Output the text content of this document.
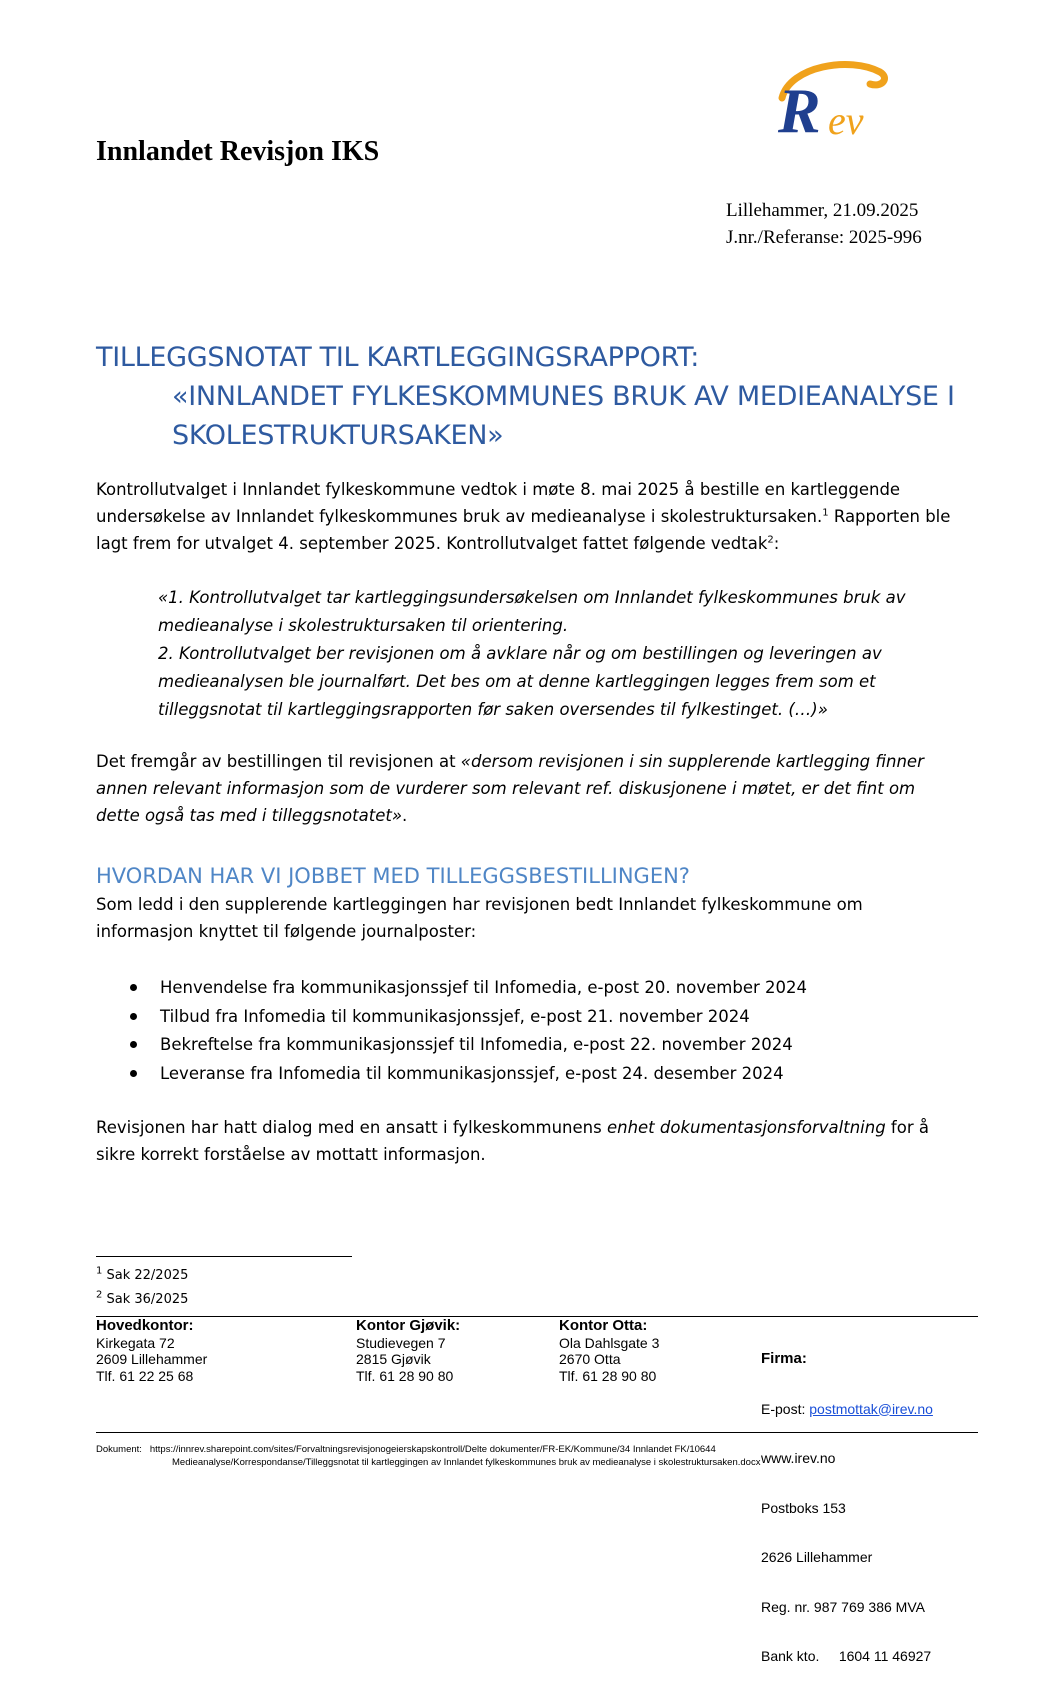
Innlandet Revisjon IKS
R ev
Lillehammer, 21.09.2025
J.nr./Referanse: 2025-996
TILLEGGSNOTAT TIL KARTLEGGINGSRAPPORT:
«INNLANDET FYLKESKOMMUNES BRUK AV MEDIEANALYSE I SKOLESTRUKTURSAKEN»
Kontrollutvalget i Innlandet fylkeskommune vedtok i møte 8. mai 2025 å bestille en kartleggende undersøkelse av Innlandet fylkeskommunes bruk av medieanalyse i skolestruktursaken.$^1$ Rapporten ble lagt frem for utvalget 4. september 2025. Kontrollutvalget fattet følgende vedtak$^2$:
«1. Kontrollutvalget tar kartleggingsundersøkelsen om Innlandet fylkeskommunes bruk av medieanalyse i skolestruktursaken til orientering.
2. Kontrollutvalget ber revisjonen om å avklare når og om bestillingen og leveringen av medieanalysen ble journalført. Det bes om at denne kartleggingen legges frem som et tilleggsnotat til kartleggingsrapporten før saken oversendes til fylkestinget. (…)»
Det fremgår av bestillingen til revisjonen at «dersom revisjonen i sin supplerende kartlegging finner annen relevant informasjon som de vurderer som relevant ref. diskusjonene i møtet, er det fint om dette også tas med i tilleggsnotatet».
HVORDAN HAR VI JOBBET MED TILLEGGSBESTILLINGEN?
Som ledd i den supplerende kartleggingen har revisjonen bedt Innlandet fylkeskommune om informasjon knyttet til følgende journalposter:
Henvendelse fra kommunikasjonssjef til Infomedia, e-post 20. november 2024
Tilbud fra Infomedia til kommunikasjonssjef, e-post 21. november 2024
Bekreftelse fra kommunikasjonssjef til Infomedia, e-post 22. november 2024
Leveranse fra Infomedia til kommunikasjonssjef, e-post 24. desember 2024
Revisjonen har hatt dialog med en ansatt i fylkeskommunens enhet dokumentasjonsforvaltning for å sikre korrekt forståelse av mottatt informasjon.
$^1$ Sak 22/2025
$^2$ Sak 36/2025
Hovedkontor:
Kirkegata 72
2609 Lillehammer
Tlf. 61 22 25 68
Kontor Gjøvik:
Studievegen 7
2815 Gjøvik
Tlf. 61 28 90 80
Kontor Otta:
Ola Dahlsgate 3
2670 Otta
Tlf. 61 28 90 80

Firma:

E-post: postmottak@irev.no

www.irev.no

Postboks 153

2626 Lillehammer

Reg. nr. 987 769 386 MVA

Bank kto.     1604 11 46927

Dokument: https://innrev.sharepoint.com/sites/Forvaltningsrevisjonogeierskapskontroll/Delte dokumenter/FR-EK/Kommune/34 Innlandet FK/10644
Medieanalyse/Korrespondanse/Tilleggsnotat til kartleggingen av Innlandet fylkeskommunes bruk av medieanalyse i skolestruktursaken.docx
